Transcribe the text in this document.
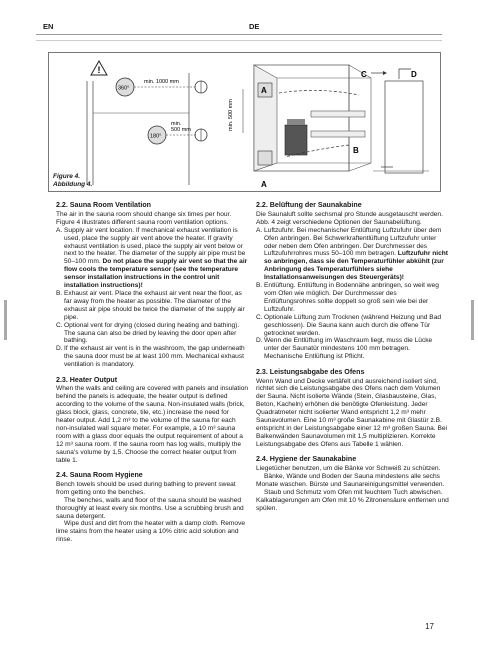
EN	DE
!
360°
min. 1000 mm
180°
min.
500 mm	min. 500 mm
A
A
B
C	D
Figure 4.
Abbildung 4.
2.2. Sauna Room Ventilation
The air in the sauna room should change six times per hour. Figure 4 illustrates different sauna room ventilation options.
A. Supply air vent location. If mechanical exhaust ventilation is used, place the supply air vent above the heater. If gravity exhaust ventilation is used, place the supply air vent below or next to the heater. The diameter of the supply air pipe must be 50–100 mm. Do not place the supply air vent so that the air flow cools the temperature sensor (see the temperature sensor installation instructions in the control unit installation instructions)!
B. Exhaust air vent. Place the exhaust air vent near the floor, as far away from the heater as possible. The diameter of the exhaust air pipe should be twice the diameter of the supply air pipe.
C. Optional vent for drying (closed during heating and bathing). The sauna can also be dried by leaving the door open after bathing.
D. If the exhaust air vent is in the washroom, the gap underneath the sauna door must be at least 100 mm. Mechanical exhaust ventilation is mandatory.
2.3. Heater Output
When the walls and ceiling are covered with panels and insulation behind the panels is adequate, the heater output is defined according to the volume of the sauna. Non-insulated walls (brick, glass block, glass, concrete, tile, etc.) increase the need for heater output. Add 1,2 m³ to the volume of the sauna for each non-insulated wall square meter. For example, a 10 m³ sauna room with a glass door equals the output requirement of about a 12 m³ sauna room. If the sauna room has log walls, multiply the sauna's volume by 1,5. Choose the correct heater output from table 1.
2.4. Sauna Room Hygiene
Bench towels should be used during bathing to prevent sweat from getting onto the benches.
The benches, walls and floor of the sauna should be washed thoroughly at least every six months. Use a scrubbing brush and sauna detergent.
Wipe dust and dirt from the heater with a damp cloth. Remove lime stains from the heater using a 10% citric acid solution and rinse.
2.2. Belüftung der Saunakabine
Die Saunaluft sollte sechsmal pro Stunde ausgetauscht werden. Abb. 4 zeigt verschiedene Optionen der Saunabelüftung.
A. Luftzufuhr. Bei mechanischer Entlüftung Luftzufuhr über dem Ofen anbringen. Bei Schwerkraftentlüftung Luftzufuhr unter oder neben dem Ofen anbringen. Der Durchmesser des Luftzufuhrrohres muss 50–100 mm betragen. Luftzufuhr nicht so anbringen, dass sie den Temperaturfühler abkühlt (zur Anbringung des Temperaturfühlers siehe Installationsanweisungen des Steuergeräts)!
B. Entlüftung. Entlüftung in Bodennähe anbringen, so weit weg vom Ofen wie möglich. Der Durchmesser des Entlüftungsrohres sollte doppelt so groß sein wie bei der Luftzufuhr.
C. Optionale Lüftung zum Trocknen (während Heizung und Bad geschlossen). Die Sauna kann auch durch die offene Tür getrocknet werden.
D. Wenn die Entlüftung im Waschraum liegt, muss die Lücke unter der Saunatür mindestens 100 mm betragen. Mechanische Entlüftung ist Pflicht.
2.3. Leistungsabgabe des Ofens
Wenn Wand und Decke vertäfelt und ausreichend isoliert sind, richtet sich die Leistungsabgabe des Ofens nach dem Volumen der Sauna. Nicht isolierte Wände (Stein, Glasbausteine, Glas, Beton, Kacheln) erhöhen die benötigte Ofenleistung. Jeder Quadratmeter nicht isolierter Wand entspricht 1,2 m³ mehr Saunavolumen. Eine 10 m³ große Saunakabine mit Glastür z.B. entspricht in der Leistungsabgabe einer 12 m³ großen Sauna. Bei Balkenwänden Saunavolumen mit 1,5 multiplizieren. Korrekte Leistungsabgabe des Ofens aus Tabelle 1 wählen.
2.4. Hygiene der Saunakabine
Liegetücher benutzen, um die Bänke vor Schweiß zu schützen.
Bänke, Wände und Boden der Sauna mindestens alle sechs Monate waschen. Bürste und Saunareinigungsmittel verwenden.
Staub und Schmutz vom Ofen mit feuchtem Tuch abwischen. Kalkablagerungen am Ofen mit 10 % Zitronensäure entfernen und spülen.
17
